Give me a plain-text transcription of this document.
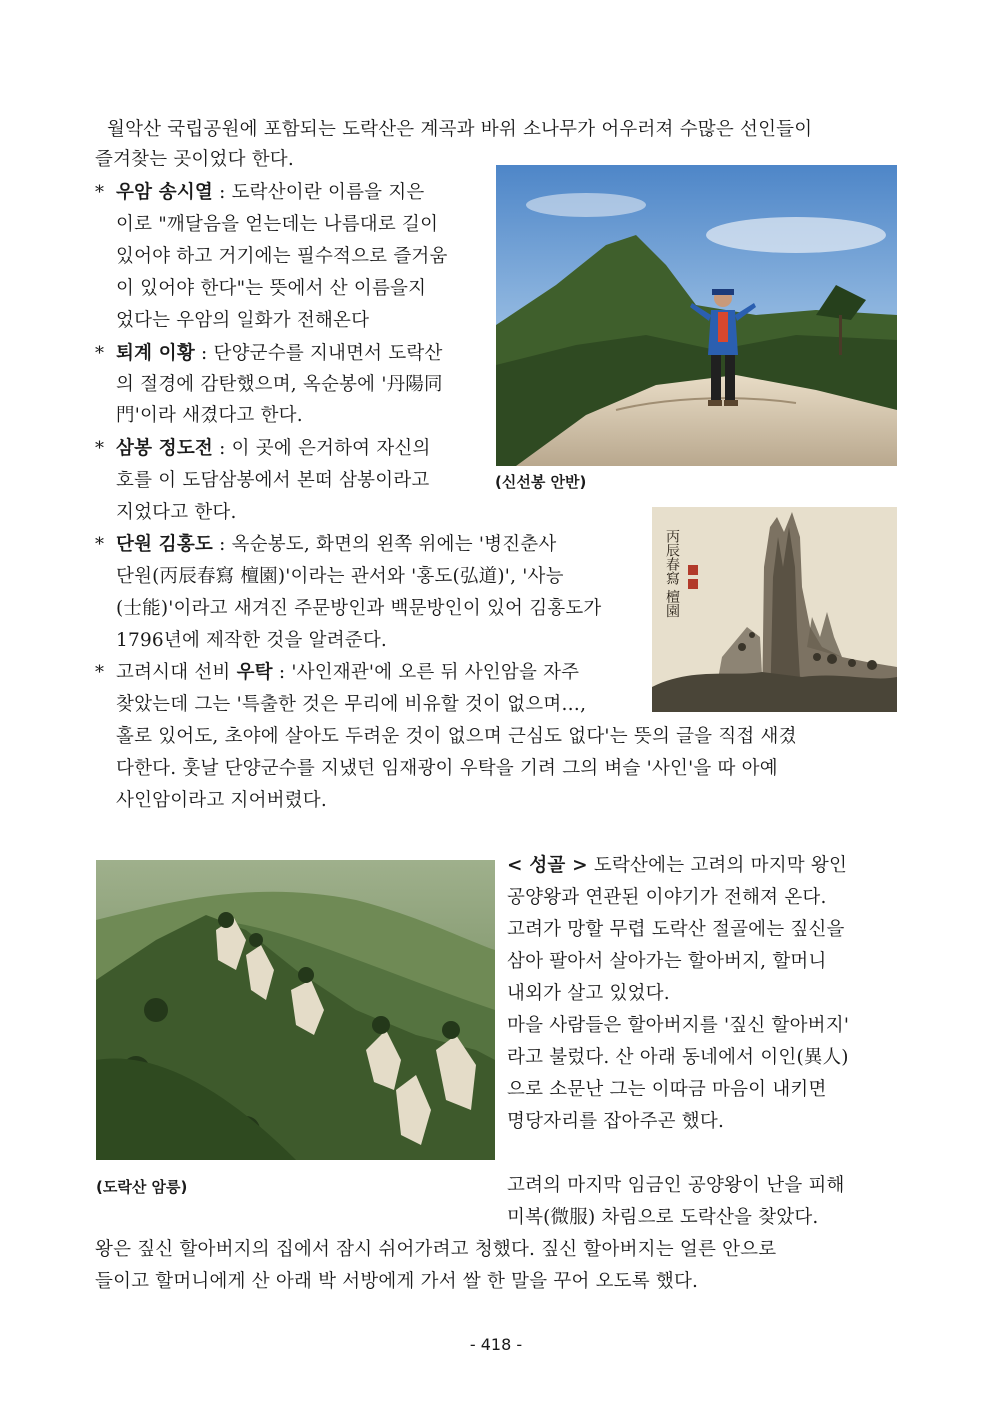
월악산 국립공원에 포함되는 도락산은 계곡과 바위 소나무가 어우러져 수많은 선인들이
즐겨찾는 곳이었다 한다.
(신선봉 안반)
* 우암 송시열 : 도락산이란 이름을 지은
이로 "깨달음을 얻는데는 나름대로 길이
있어야 하고 거기에는 필수적으로 즐거움
이 있어야 한다"는 뜻에서 산 이름을지
었다는 우암의 일화가 전해온다
* 퇴계 이황 : 단양군수를 지내면서 도락산
의 절경에 감탄했으며, 옥순봉에 '丹陽同
門'이라 새겼다고 한다.
* 삼봉 정도전 : 이 곳에 은거하여 자신의
호를 이 도담삼봉에서 본떠 삼봉이라고
지었다고 한다.
丙辰春寫 檀園
* 단원 김홍도 : 옥순봉도, 화면의 왼쪽 위에는 '병진춘사
단원(丙辰春寫 檀園)'이라는 관서와 '홍도(弘道)', '사능
(士能)'이라고 새겨진 주문방인과 백문방인이 있어 김홍도가
1796년에 제작한 것을 알려준다.
* 고려시대 선비 우탁 : '사인재관'에 오른 뒤 사인암을 자주
찾았는데 그는 '특출한 것은 무리에 비유할 것이 없으며…,
홀로 있어도, 초야에 살아도 두려운 것이 없으며 근심도 없다'는 뜻의 글을 직접 새겼
다한다. 훗날 단양군수를 지냈던 임재광이 우탁을 기려 그의 벼슬 '사인'을 따 아예
사인암이라고 지어버렸다.
(도락산 암릉)
< 성골 > 도락산에는 고려의 마지막 왕인
공양왕과 연관된 이야기가 전해져 온다.
고려가 망할 무렵 도락산 절골에는 짚신을
삼아 팔아서 살아가는 할아버지, 할머니
내외가 살고 있었다.
마을 사람들은 할아버지를 '짚신 할아버지'
라고 불렀다. 산 아래 동네에서 이인(異人)
으로 소문난 그는 이따금 마음이 내키면
명당자리를 잡아주곤 했다.
고려의 마지막 임금인 공양왕이 난을 피해
미복(微服) 차림으로 도락산을 찾았다.
왕은 짚신 할아버지의 집에서 잠시 쉬어가려고 청했다. 짚신 할아버지는 얼른 안으로
들이고 할머니에게 산 아래 박 서방에게 가서 쌀 한 말을 꾸어 오도록 했다.
- 418 -
